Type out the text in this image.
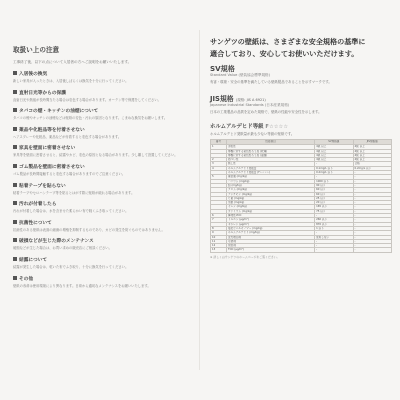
取扱い上の注意
工事終了後、以下の点について入居者の方へご説明をお願いいたします。
入居後の換気
新しい家具が入ったときは、入居後しばらくは換気を十分に行ってください。
直射日光等からの保護
直射日光や熱風が長時間当たる場合は変色する場合があります。カーテン等で保護をしてください。
タバコの煙・キッチンの油煙について
タバコの煙やキッチンの油煙などは壁紙の変色・汚れの原因となります。こまめな換気をお願いします。
薬品や化粧品等を付着させない
ヘアスプレーや化粧品、薬品などが付着すると変色する場合があります。
家具を壁面に密着させない
家具等を壁面に密着させると、結露やカビ、変色の原因となる場合があります。少し離して設置してください。
ゴム製品を壁面に密着させない
ゴム製品が長時間接触すると変色する場合がありますのでご注意ください。
粘着テープを貼らない
粘着テープやセロハンテープ等を貼るとはがす際に壁紙が破れる場合があります。
汚れが付着したら
汚れが付着した場合は、水を含ませた柔らかい布で軽くふき取ってください。
抗菌性について
抗菌性のある壁紙は表面の細菌の増殖を抑制するものであり、カビの発生を防ぐものではありません。
破損などが生じた際のメンテナンス
破損などが生じた場合は、お買い求めの販売店にご相談ください。
結露について
結露が発生した場合は、乾いた布でふき取り、十分に換気を行ってください。
その他
壁紙の寿命は使用環境により異なります。日頃から適切なメンテナンスをお願いいたします。
サンゲツの壁紙は、さまざまな安全規格の基準に
適合しており、安心してお使いいただけます。
SV規格
Standard Value (壁装協会標準規格)
有害・環境・安全の基準を満たしている壁紙製品であることを示すマークです。
JIS規格 (規格: JIS A 6921)
Japanese Industrial Standards (日本産業規格)
日本の工業製品の品質を定めた規格で、壁紙の性能や安全性を示します。
ホルムアルデヒド等級 F☆☆☆☆
ホルムアルデヒド発散量が最も少ない等級の壁紙です。
番号	性能項目	SV規格値	JIS規格値
1	退色性	4級 以上	4級 以上
	摩擦に対する染色堅ろう度 (乾燥)	4級 以上	4級 以上
	摩擦に対する染色堅ろう度 (湿潤)	4級 以上	4級 以上
2	隠ぺい性	4級 以上	4級 以上
3	施工性	-	合格
4	ホルムアルデヒド放散量	0.1mg/L 以下	0.2mg/L 以下
	ホルムアルデヒド放散量 (F☆☆☆☆)	0.2mg/L 以下	-
5	重金属 (mg/kg)	-	-
	バリウム (mg/kg)	1000 以下	-
	鉛 (mg/kg)	90 以下	-
	クロム (mg/kg)	60 以下	-
	アンチモン (mg/kg)	60 以下	-
	ヒ素 (mg/kg)	25 以下	-
	水銀 (mg/kg)	20 以下	-
	セレン (mg/kg)	165 以下	-
	カドミウム (mg/kg)	75 以下	-
6	揮発性VOC	-	-
7	トルエン (μg/m³)	260 以下	-
	キシレン (μg/m³)	870 以下	-
8	塩化ビニルモノマー (mg/kg)	1 以下	-
9	ホルムアルデヒド (mg/kg)	-	-
10	蛍光増白剤	使用しない	-
11	可塑剤	-	-
12	発泡剤	-	-
13	TOC (μg/m³)	-	-
※ 詳しくはサンゲツのホームページをご覧ください。
